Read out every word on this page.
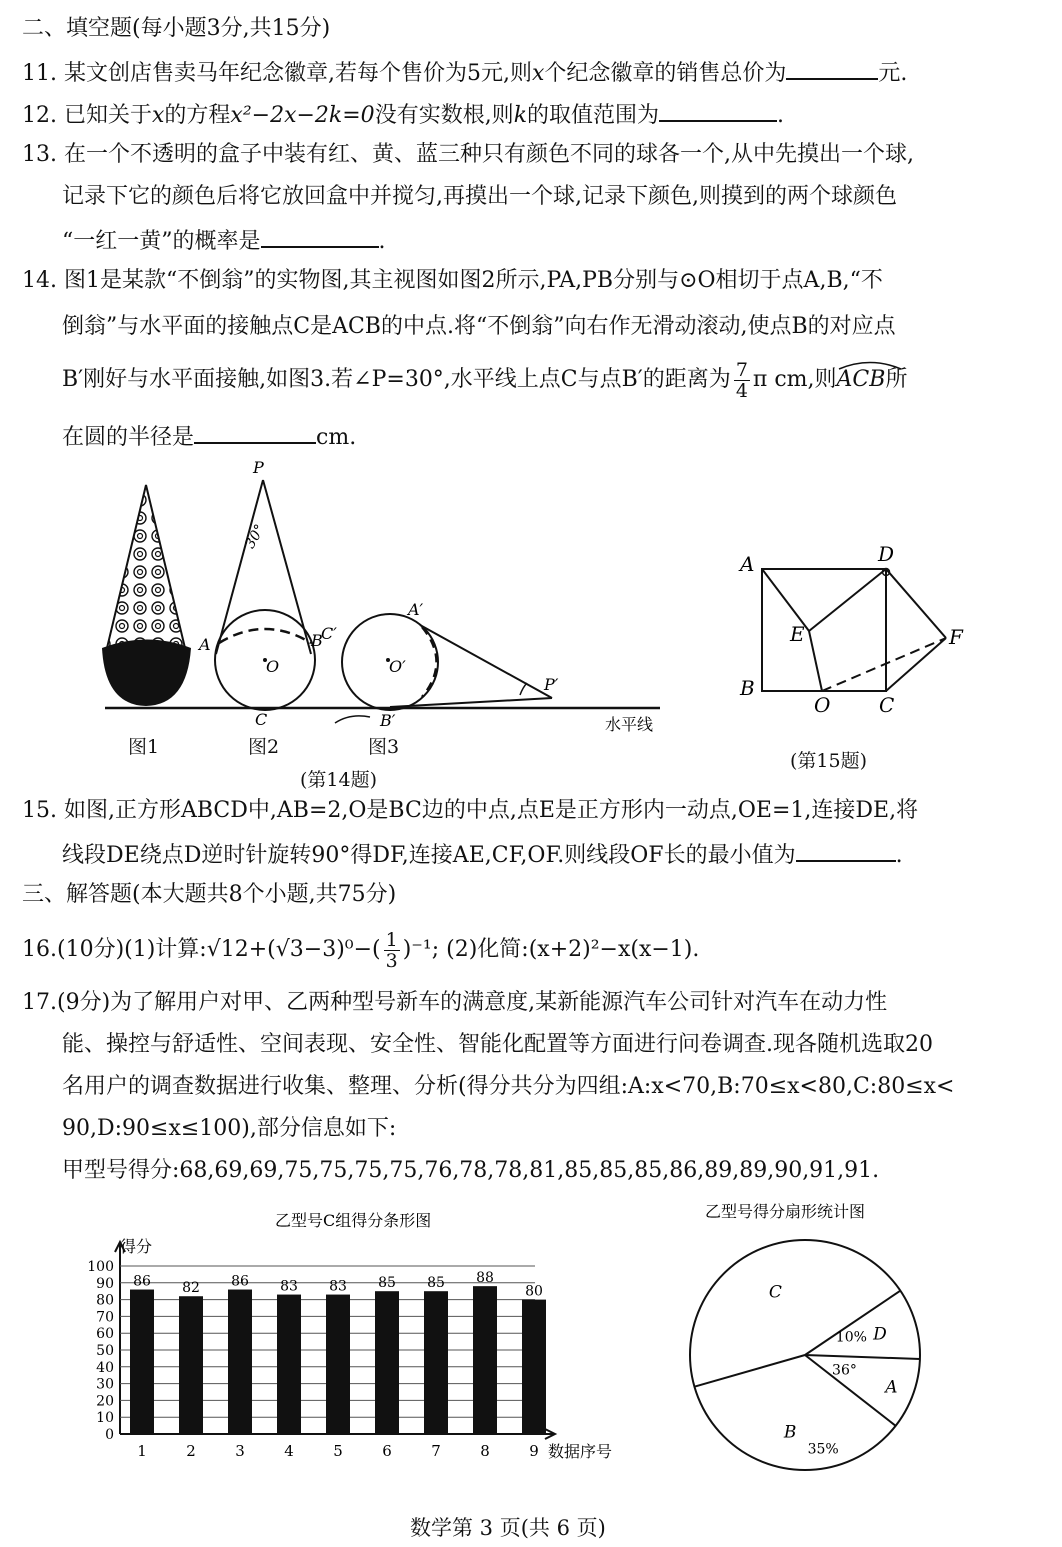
二、填空题(每小题3分,共15分)
11. 某文创店售卖马年纪念徽章,若每个售价为5元,则x个纪念徽章的销售总价为	元.
12. 已知关于x的方程x²−2x−2k=0没有实数根,则k的取值范围为	.
13. 在一个不透明的盒子中装有红、黄、蓝三种只有颜色不同的球各一个,从中先摸出一个球,
记录下它的颜色后将它放回盒中并搅匀,再摸出一个球,记录下颜色,则摸到的两个球颜色
“一红一黄”的概率是	.
14. 图1是某款“不倒翁”的实物图,其主视图如图2所示,PA,PB分别与⊙O相切于点A,B,“不
倒翁”与水平面的接触点C是ACB的中点.将“不倒翁”向右作无滑动滚动,使点B的对应点
B′刚好与水平面接触,如图3.若∠P=30°,水平线上点C与点B′的距离为 $\frac{7}{4}$ π cm,则
ACB所
在圆的半径是	cm.
P
30°
A	B
O
C
C′
A′
O′
B′
P′
水平线
图1	图2	图3
(第14题)
A	D
B
O C
E	F
(第15题)
15. 如图,正方形ABCD中,AB=2,O是BC边的中点,点E是正方形内一动点,OE=1,连接DE,将
线段DE绕点D逆时针旋转90°得DF,连接AE,CF,OF.则线段OF长的最小值为	.
三、解答题(本大题共8个小题,共75分)
16.(10分)(1)计算:√12+(√3−3)⁰−( $\frac{1}{3} )^{-1}$; (2)化简:(x+2)²−x(x−1).
17.(9分)为了解用户对甲、乙两种型号新车的满意度,某新能源汽车公司针对汽车在动力性
能、操控与舒适性、空间表现、安全性、智能化配置等方面进行问卷调查.现各随机选取20
名用户的调查数据进行收集、整理、分析(得分共分为四组:A:x<70,B:70≤x<80,C:80≤x<
90,D:90≤x≤100),部分信息如下:
甲型号得分:68,69,69,75,75,75,75,76,78,78,81,85,85,85,86,89,89,90,91,91.
乙型号C组得分条形图
得分
数据序号
0
10
20
30
40
50
60
70
80
90
100
86
1
82
2
86
3
83
4
83
5
85
6
85
7
88
8
80
9
乙型号得分扇形统计图
A
36°
B
35%
C
D
10%
数学第 3 页(共 6 页)
